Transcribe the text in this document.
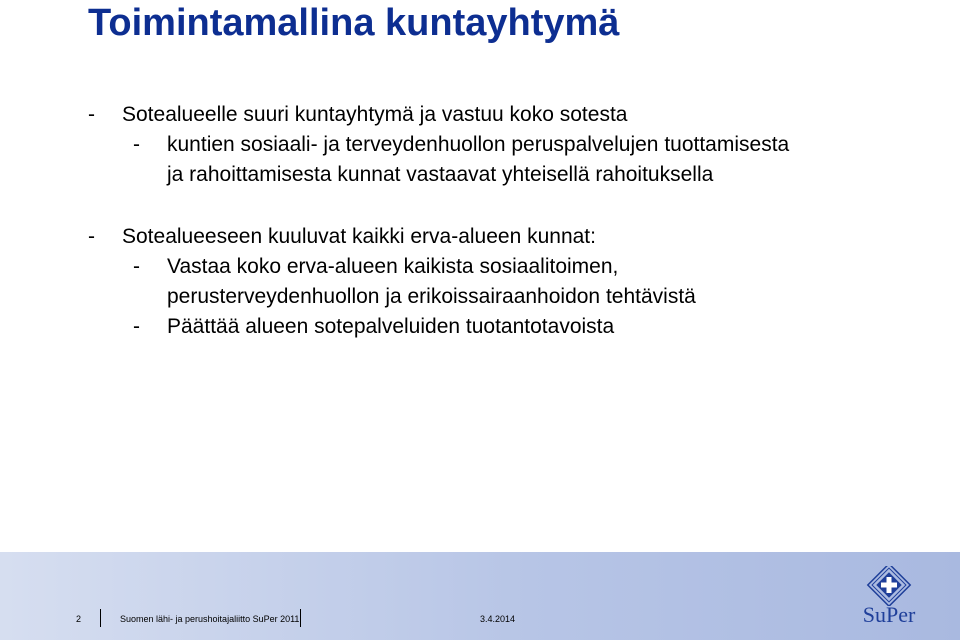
Toimintamallina kuntayhtymä
- Sotealueelle suuri kuntayhtymä ja vastuu koko sotesta
- kuntien sosiaali- ja terveydenhuollon peruspalvelujen tuottamisesta
ja rahoittamisesta kunnat vastaavat yhteisellä rahoituksella
- Sotealueeseen kuuluvat kaikki erva-alueen kunnat:
- Vastaa koko erva-alueen kaikista sosiaalitoimen,
perusterveydenhuollon ja erikoissairaanhoidon tehtävistä
- Päättää alueen sotepalveluiden tuotantotavoista
2	Suomen lähi- ja perushoitajaliitto SuPer 2011	3.4.2014	SuPer
